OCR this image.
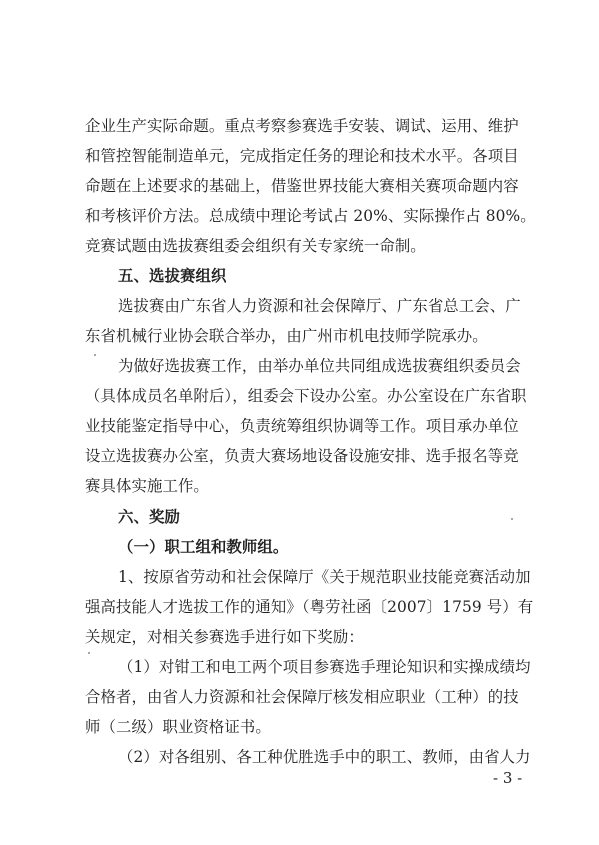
企业生产实际命题。重点考察参赛选手安装、调试、运用、维护
和管控智能制造单元，完成指定任务的理论和技术水平。各项目
命题在上述要求的基础上，借鉴世界技能大赛相关赛项命题内容
和考核评价方法。总成绩中理论考试占 20%、实际操作占 80%。
竞赛试题由选拔赛组委会组织有关专家统一命制。
五、选拔赛组织
选拔赛由广东省人力资源和社会保障厅、广东省总工会、广
东省机械行业协会联合举办，由广州市机电技师学院承办。
为做好选拔赛工作，由举办单位共同组成选拔赛组织委员会
（具体成员名单附后），组委会下设办公室。办公室设在广东省职
业技能鉴定指导中心，负责统筹组织协调等工作。项目承办单位
设立选拔赛办公室，负责大赛场地设备设施安排、选手报名等竞
赛具体实施工作。
六、奖励
（一）职工组和教师组。
1、按原省劳动和社会保障厅《关于规范职业技能竞赛活动加
强高技能人才选拔工作的通知》（粤劳社函〔2007〕1759 号）有
关规定，对相关参赛选手进行如下奖励：
（1）对钳工和电工两个项目参赛选手理论知识和实操成绩均
合格者，由省人力资源和社会保障厅核发相应职业（工种）的技
师（二级）职业资格证书。
（2）对各组别、各工种优胜选手中的职工、教师，由省人力
- 3 -
